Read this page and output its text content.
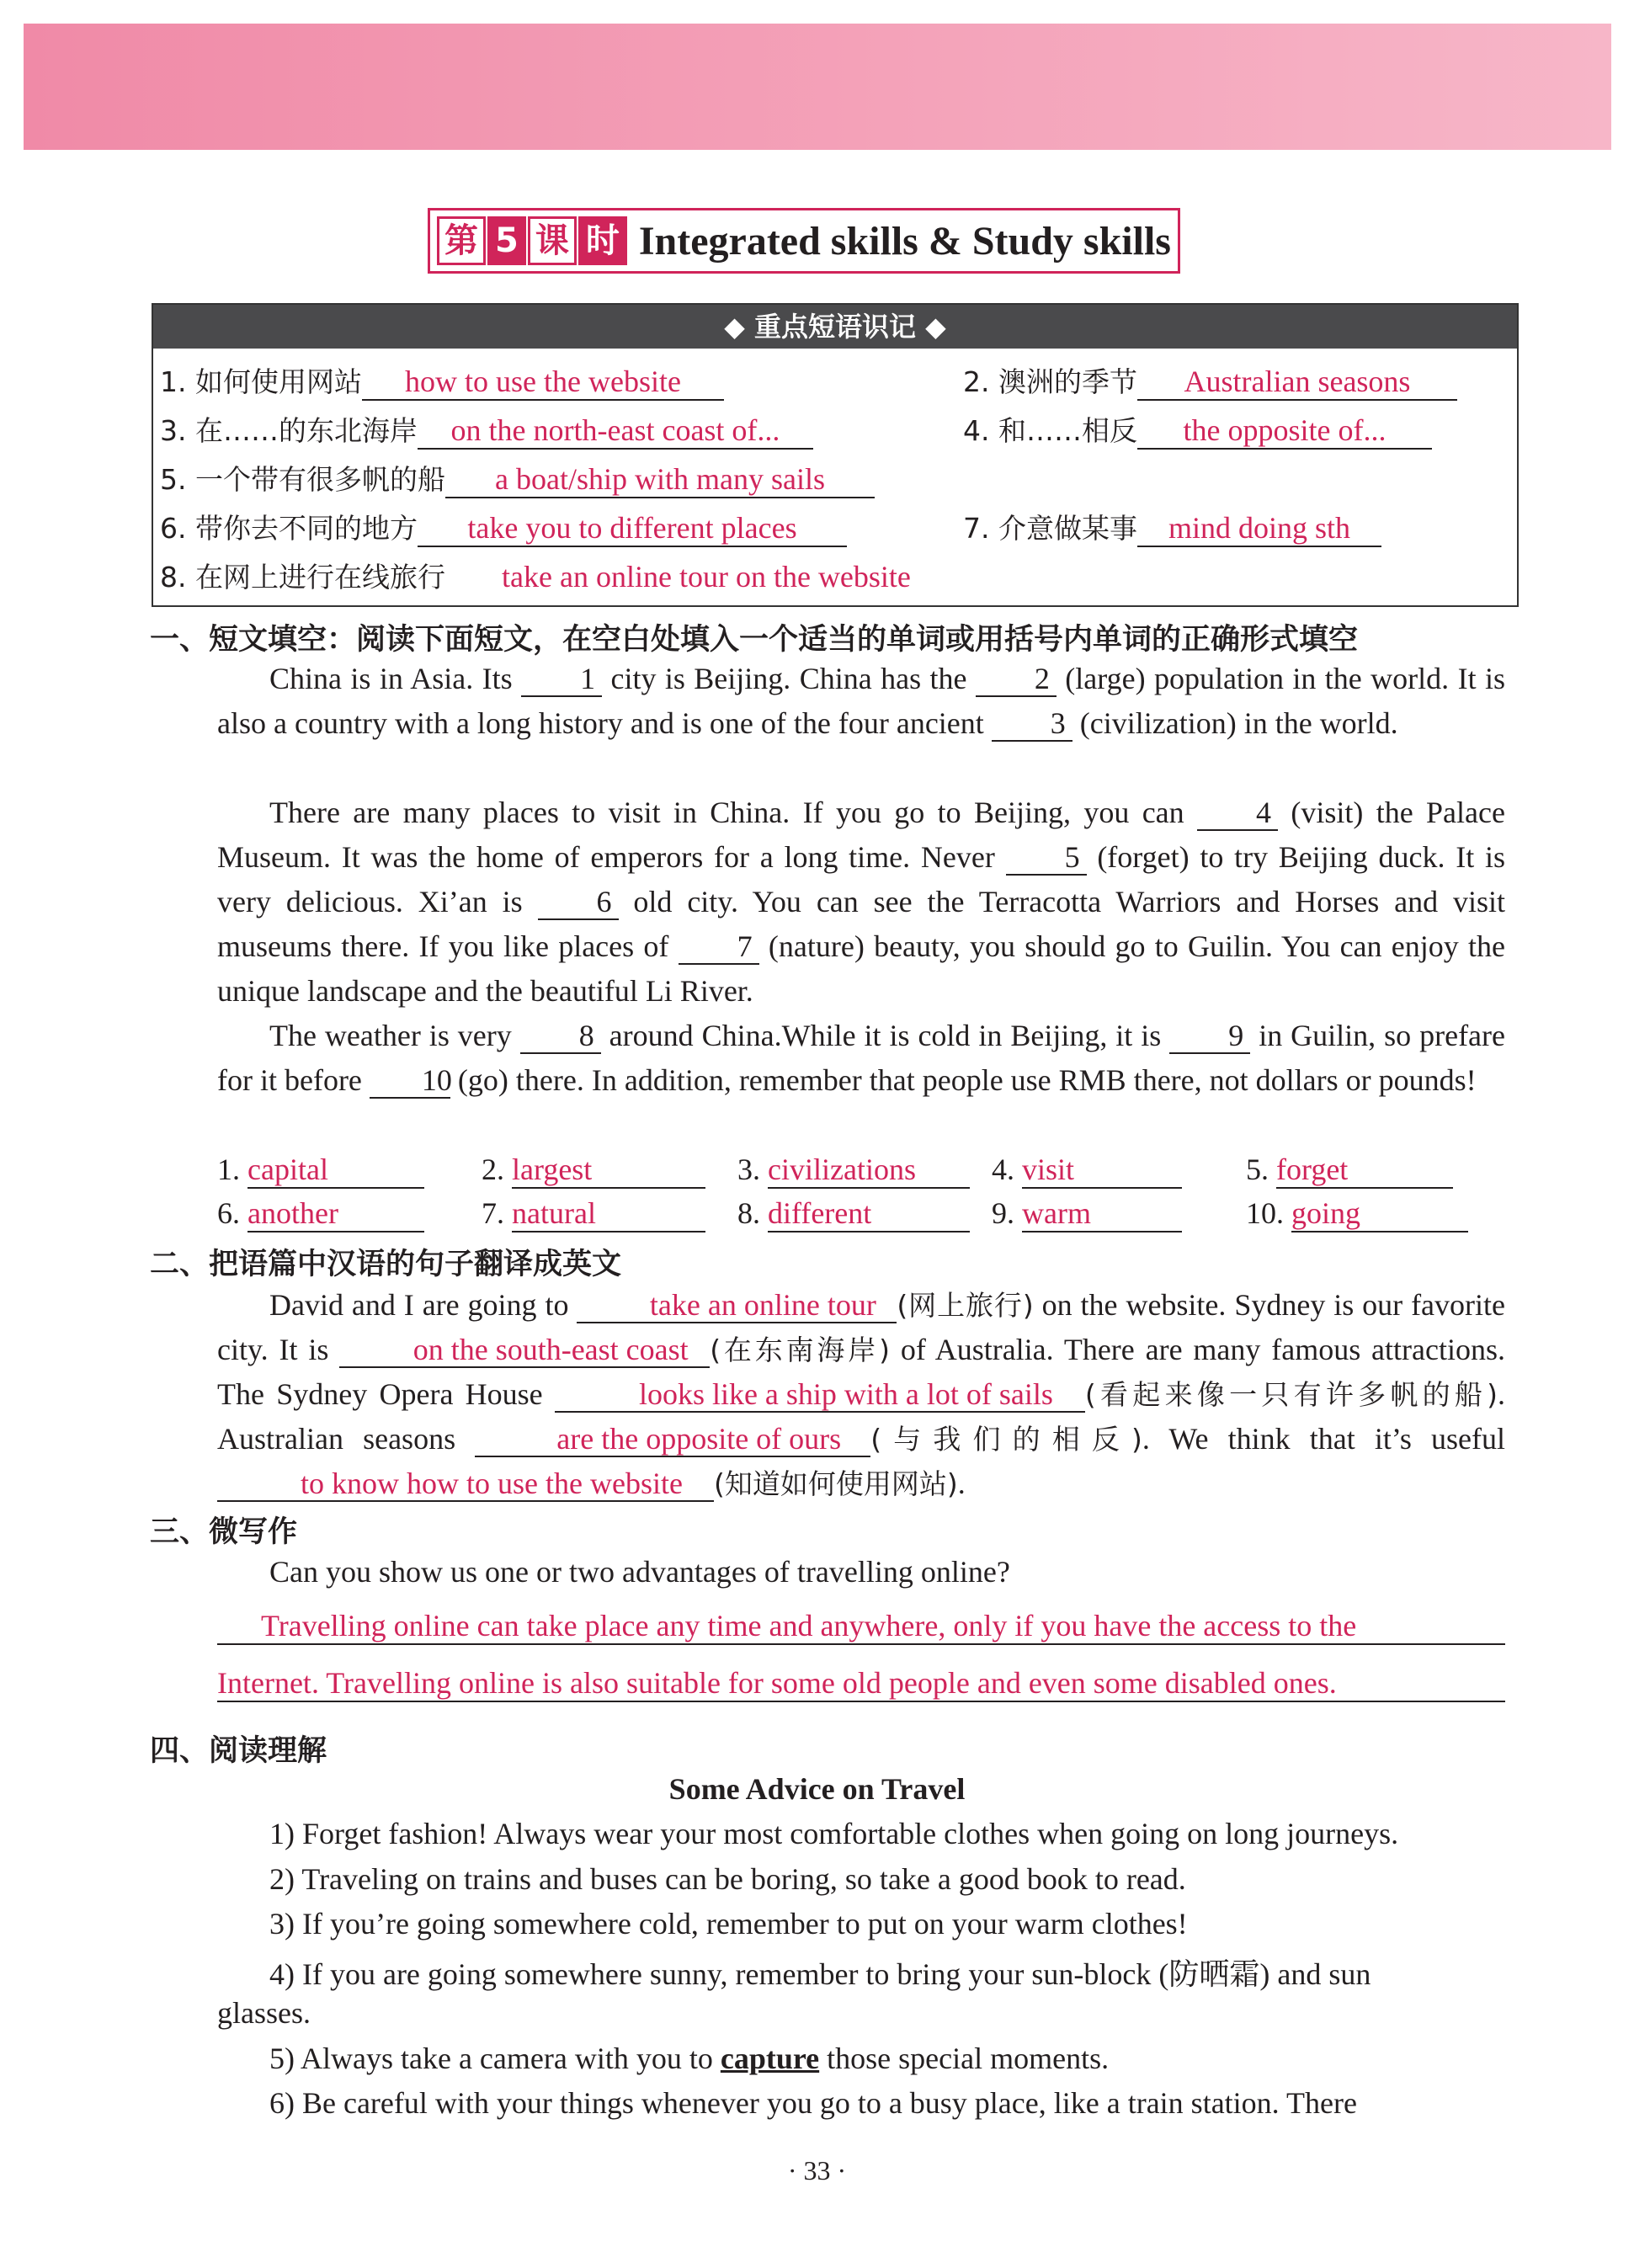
第 5 课 时 Integrated skills & Study skills
◆ 重点短语识记 ◆
1. 如何使用网站 how to use the website	2. 澳洲的季节 Australian seasons
3. 在……的东北海岸 on the north-east coast of...	4. 和……相反 the opposite of...
5. 一个带有很多帆的船 a boat/ship with many sails
6. 带你去不同的地方 take you to different places	7. 介意做某事 mind doing sth
8. 在网上进行在线旅行 take an online tour on the website
一、短文填空：阅读下面短文，在空白处填入一个适当的单词或用括号内单词的正确形式填空
China is in Asia. Its 1 city is Beijing. China has the 2 (large) population in the world. It is also a country with a long history and is one of the four ancient 3 (civilization) in the world.
There are many places to visit in China. If you go to Beijing, you can 4 (visit) the Palace Museum. It was the home of emperors for a long time. Never 5 (forget) to try Beijing duck. It is very delicious. Xi’an is 6 old city. You can see the Terracotta Warriors and Horses and visit museums there. If you like places of 7 (nature) beauty, you should go to Guilin. You can enjoy the unique landscape and the beautiful Li River.
The weather is very 8 around China.While it is cold in Beijing, it is 9 in Guilin, so prefare for it before 10 (go) there. In addition, remember that people use RMB there, not dollars or pounds!
1. capital	2. largest	3. civilizations	4. visit	5. forget
6. another	7. natural	8. different	9. warm	10. going
二、把语篇中汉语的句子翻译成英文
David and I are going to take an online tour (网上旅行) on the website. Sydney is our favorite city. It is on the south-east coast (在东南海岸) of Australia. There are many famous attractions. The Sydney Opera House	looks like a ship with a lot of sails (看起来像一只有许多帆的船). Australian seasons	are the opposite of ours (与我们的相反). We think that it’s useful to know how to use the website (知道如何使用网站).
三、微写作
Can you show us one or two advantages of travelling online?
Travelling online can take place any time and anywhere, only if you have the access to the
Internet. Travelling online is also suitable for some old people and even some disabled ones.
四、阅读理解
Some Advice on Travel
1) Forget fashion! Always wear your most comfortable clothes when going on long journeys.
2) Traveling on trains and buses can be boring, so take a good book to read.
3) If you’re going somewhere cold, remember to put on your warm clothes!
4) If you are going somewhere sunny, remember to bring your sun-block (防晒霜) and sun
glasses.
5) Always take a camera with you to capture those special moments.
6) Be careful with your things whenever you go to a busy place, like a train station. There
· 33 ·
